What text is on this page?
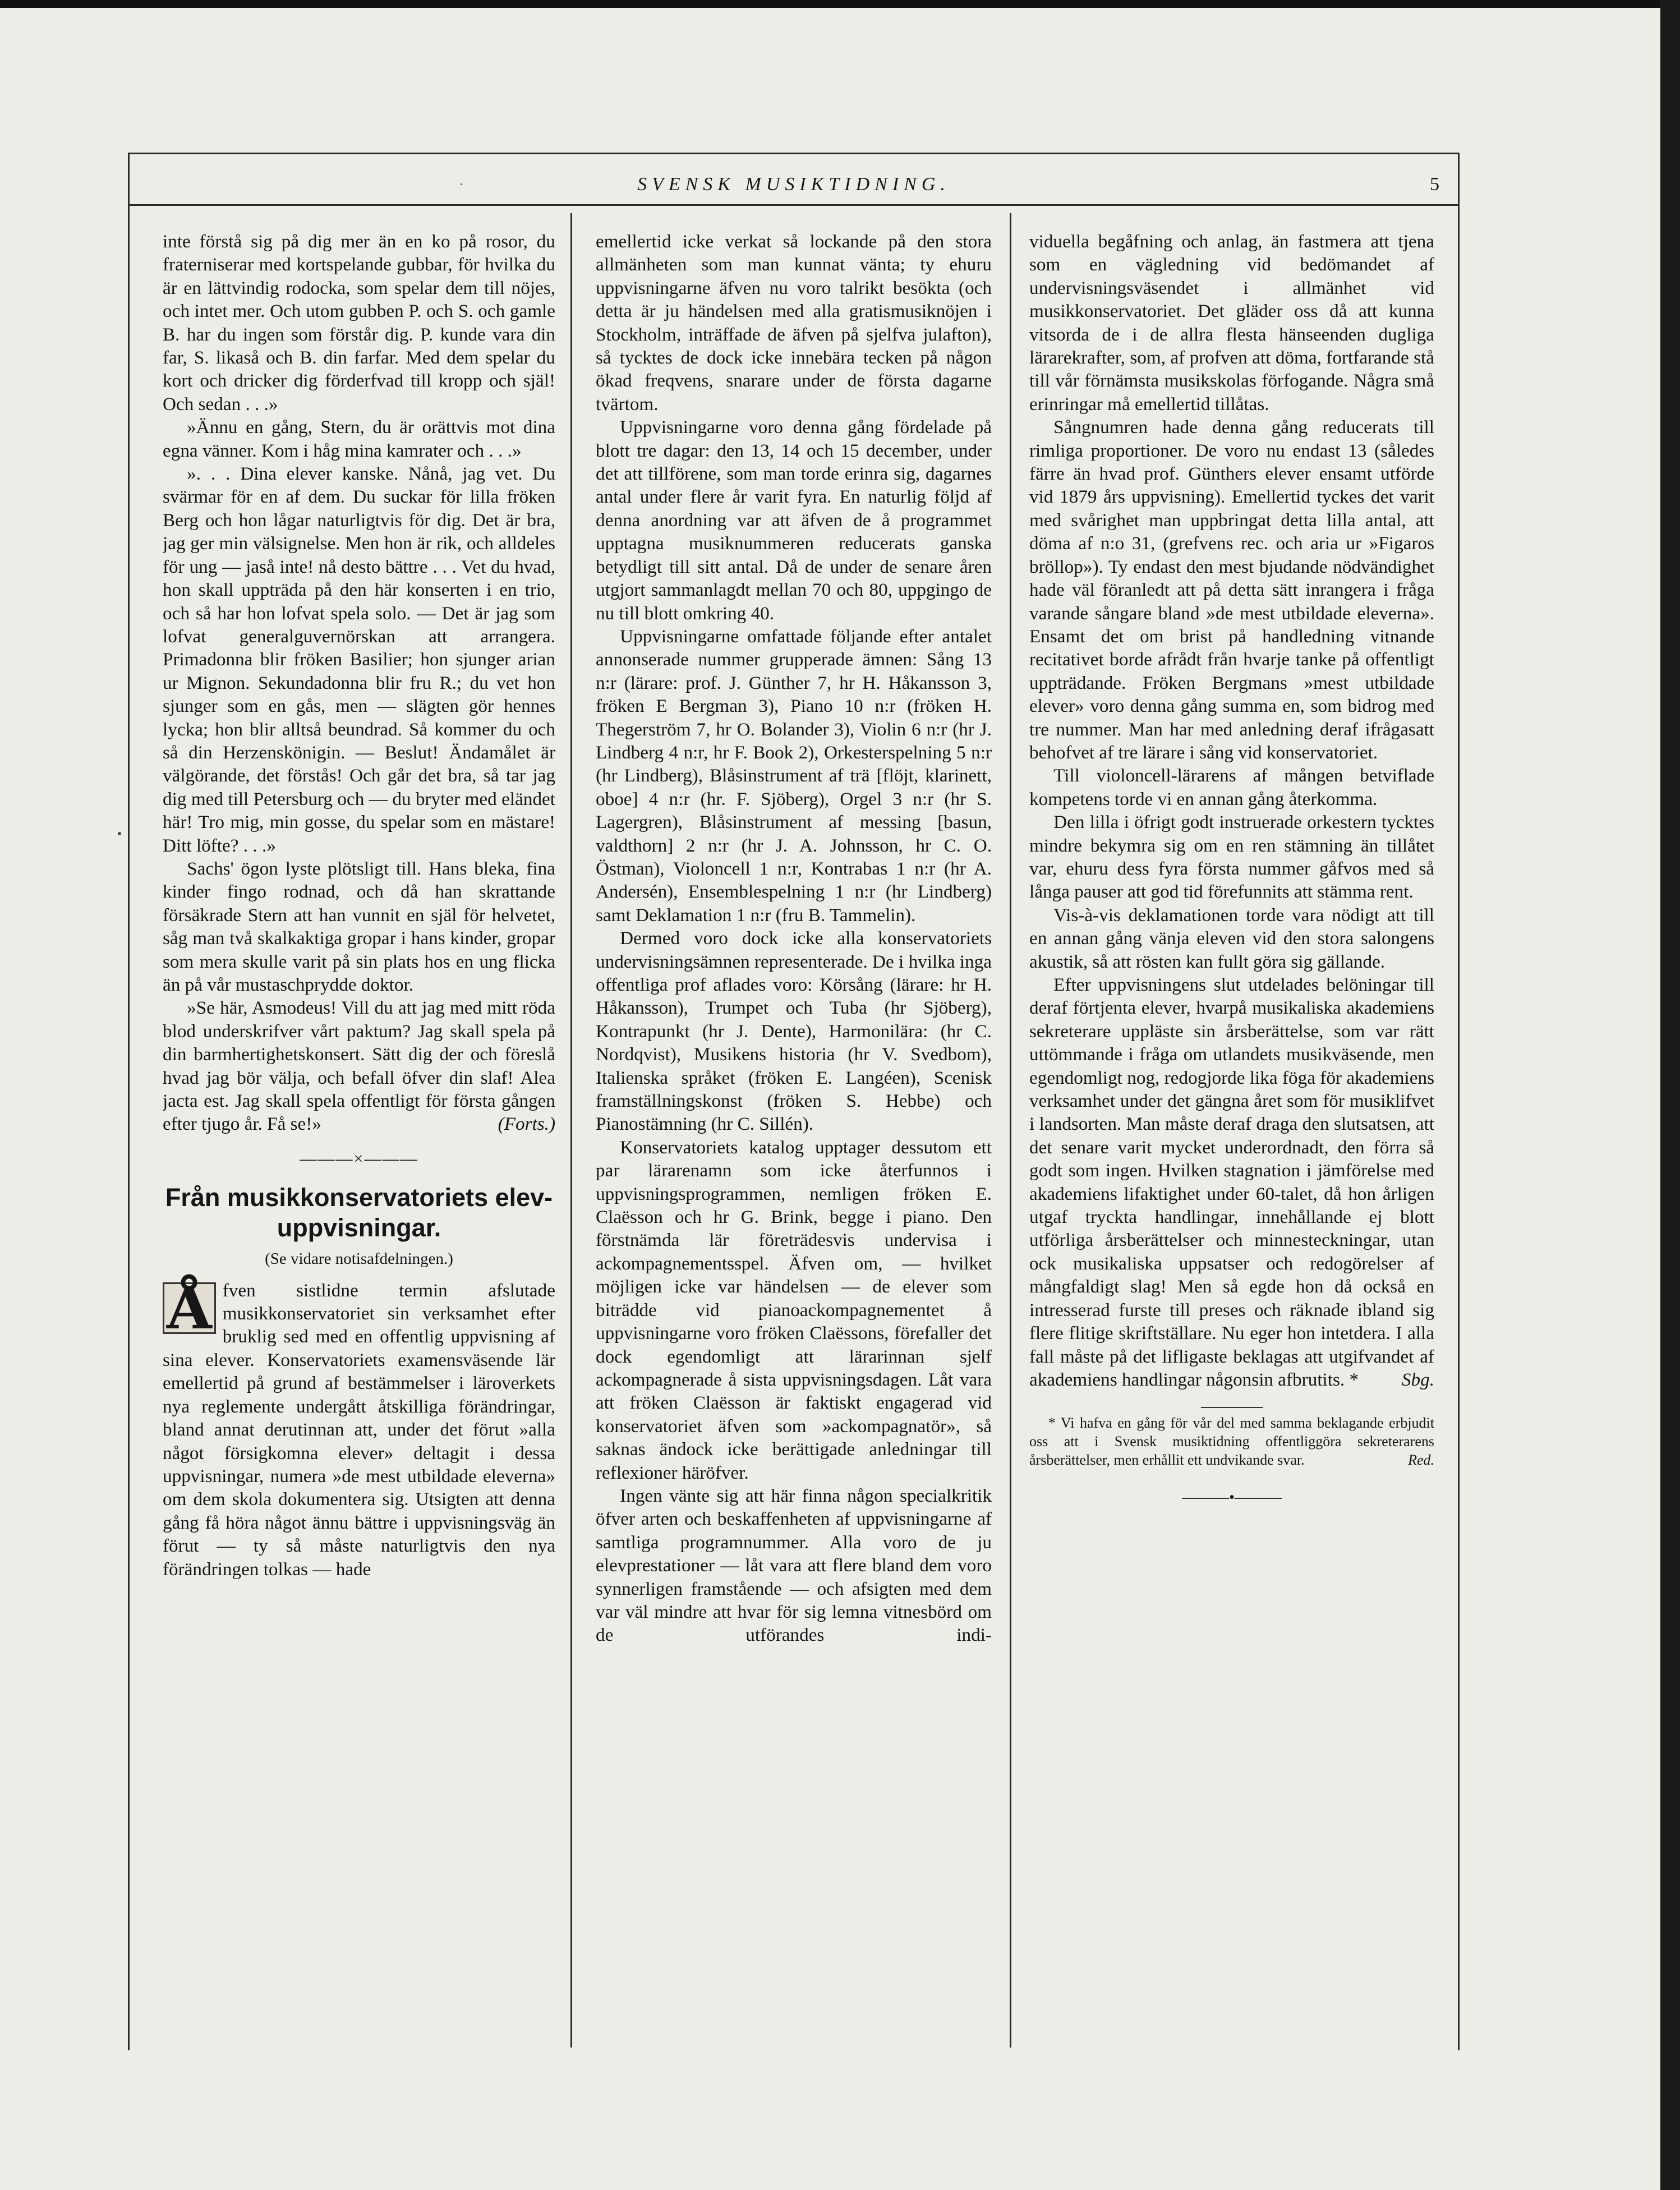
·	SVENSK MUSIKTIDNING.	5

inte förstå sig på dig mer än en ko på rosor, du fraterniserar med kortspelande gubbar, för hvilka du är en lättvindig rodocka, som spelar dem till nöjes, och intet mer. Och utom gubben P. och S. och gamle B. har du ingen som förstår dig. P. kunde vara din far, S. likaså och B. din farfar. Med dem spelar du kort och dricker dig förderfvad till kropp och själ! Och sedan . . .»

»Ännu en gång, Stern, du är orättvis mot dina egna vänner. Kom i håg mina kamrater och . . .»

». . . Dina elever kanske. Nånå, jag vet. Du svärmar för en af dem. Du suckar för lilla fröken Berg och hon lågar naturligtvis för dig. Det är bra, jag ger min välsignelse. Men hon är rik, och alldeles för ung — jaså inte! nå desto bättre . . . Vet du hvad, hon skall uppträda på den här konserten i en trio, och så har hon lofvat spela solo. — Det är jag som lofvat generalguvernörskan att arrangera. Primadonna blir fröken Basilier; hon sjunger arian ur Mignon. Sekundadonna blir fru R.; du vet hon sjunger som en gås, men — slägten gör hennes lycka; hon blir alltså beundrad. Så kommer du och så din Herzenskönigin. — Beslut! Ändamålet är välgörande, det förstås! Och går det bra, så tar jag dig med till Petersburg och — du bryter med eländet här! Tro mig, min gosse, du spelar som en mästare! Ditt löfte? . . .»

Sachs' ögon lyste plötsligt till. Hans bleka, fina kinder fingo rodnad, och då han skrattande försäkrade Stern att han vunnit en själ för helvetet, såg man två skalkaktiga gropar i hans kinder, gropar som mera skulle varit på sin plats hos en ung flicka än på vår mustaschprydde doktor.

»Se här, Asmodeus! Vill du att jag med mitt röda blod underskrifver vårt paktum? Jag skall spela på din barmhertighetskonsert. Sätt dig der och föreslå hvad jag bör välja, och befall öfver din slaf! Alea jacta est. Jag skall spela offentligt för första gången efter tjugo år. Få se!»	(Forts.)

———×———
Från musikkonservatoriets elev-uppvisningar.
(Se vidare notisafdelningen.)

Å fven sistlidne termin afslutade musikkonservatoriet sin verksamhet efter bruklig sed med en offentlig uppvisning af sina elever. Konservatoriets examensväsende lär emellertid på grund af bestämmelser i läroverkets nya reglemente undergått åtskilliga förändringar, bland annat derutinnan att, under det förut »alla något försigkomna elever» deltagit i dessa uppvisningar, numera »de mest utbildade eleverna» om dem skola dokumentera sig. Utsigten att denna gång få höra något ännu bättre i uppvisningsväg än förut — ty så måste naturligtvis den nya förändringen tolkas — hade

emellertid icke verkat så lockande på den stora allmänheten som man kunnat vänta; ty ehuru uppvisningarne äfven nu voro talrikt besökta (och detta är ju händelsen med alla gratismusiknöjen i Stockholm, inträffade de äfven på sjelfva julafton), så tycktes de dock icke innebära tecken på någon ökad freqvens, snarare under de första dagarne tvärtom.

Uppvisningarne voro denna gång fördelade på blott tre dagar: den 13, 14 och 15 december, under det att tillförene, som man torde erinra sig, dagarnes antal under flere år varit fyra. En naturlig följd af denna anordning var att äfven de å programmet upptagna musiknummeren reducerats ganska betydligt till sitt antal. Då de under de senare åren utgjort sammanlagdt mellan 70 och 80, uppgingo de nu till blott omkring 40.

Uppvisningarne omfattade följande efter antalet annonserade nummer grupperade ämnen: Sång 13 n:r (lärare: prof. J. Günther 7, hr H. Håkansson 3, fröken E Bergman 3), Piano 10 n:r (fröken H. Thegerström 7, hr O. Bolander 3), Violin 6 n:r (hr J. Lindberg 4 n:r, hr F. Book 2), Orkesterspelning 5 n:r (hr Lindberg), Blåsinstrument af trä [flöjt, klarinett, oboe] 4 n:r (hr. F. Sjöberg), Orgel 3 n:r (hr S. Lagergren), Blåsinstrument af messing [basun, valdthorn] 2 n:r (hr J. A. Johnsson, hr C. O. Östman), Violoncell 1 n:r, Kontrabas 1 n:r (hr A. Andersén), Ensemblespelning 1 n:r (hr Lindberg) samt Deklamation 1 n:r (fru B. Tammelin).

Dermed voro dock icke alla konservatoriets undervisningsämnen representerade. De i hvilka inga offentliga prof aflades voro: Körsång (lärare: hr H. Håkansson), Trumpet och Tuba (hr Sjöberg), Kontrapunkt (hr J. Dente), Harmonilära: (hr C. Nordqvist), Musikens historia (hr V. Svedbom), Italienska språket (fröken E. Langéen), Scenisk framställningskonst (fröken S. Hebbe) och Pianostämning (hr C. Sillén).

Konservatoriets katalog upptager dessutom ett par lärarenamn som icke återfunnos i uppvisningsprogrammen, nemligen fröken E. Claësson och hr G. Brink, begge i piano. Den förstnämda lär företrädesvis undervisa i ackompagnementsspel. Äfven om, — hvilket möjligen icke var händelsen — de elever som biträdde vid pianoackompagnementet å uppvisningarne voro fröken Claëssons, förefaller det dock egendomligt att lärarinnan sjelf ackompagnerade å sista uppvisningsdagen. Låt vara att fröken Claësson är faktiskt engagerad vid konservatoriet äfven som »ackompagnatör», så saknas ändock icke berättigade anledningar till reflexioner häröfver.

Ingen vänte sig att här finna någon specialkritik öfver arten och beskaffenheten af uppvisningarne af samtliga programnummer. Alla voro de ju elevprestationer — låt vara att flere bland dem voro synnerligen framstående — och afsigten med dem var väl mindre att hvar för sig lemna vitnesbörd om de utförandes indi-

viduella begåfning och anlag, än fastmera att tjena som en vägledning vid bedömandet af undervisningsväsendet i allmänhet vid musikkonservatoriet. Det gläder oss då att kunna vitsorda de i de allra flesta hänseenden dugliga lärarekrafter, som, af profven att döma, fortfarande stå till vår förnämsta musikskolas förfogande. Några små erinringar må emellertid tillåtas.

Sångnumren hade denna gång reducerats till rimliga proportioner. De voro nu endast 13 (således färre än hvad prof. Günthers elever ensamt utförde vid 1879 års uppvisning). Emellertid tyckes det varit med svårighet man uppbringat detta lilla antal, att döma af n:o 31, (grefvens rec. och aria ur »Figaros bröllop»). Ty endast den mest bjudande nödvändighet hade väl föranledt att på detta sätt inrangera i fråga varande sångare bland »de mest utbildade eleverna». Ensamt det om brist på handledning vitnande recitativet borde afrådt från hvarje tanke på offentligt uppträdande. Fröken Bergmans »mest utbildade elever» voro denna gång summa en, som bidrog med tre nummer. Man har med anledning deraf ifrågasatt behofvet af tre lärare i sång vid konservatoriet.

Till violoncell-lärarens af mången betviflade kompetens torde vi en annan gång återkomma.

Den lilla i öfrigt godt instruerade orkestern tycktes mindre bekymra sig om en ren stämning än tillåtet var, ehuru dess fyra första nummer gåfvos med så långa pauser att god tid förefunnits att stämma rent.

Vis-à-vis deklamationen torde vara nödigt att till en annan gång vänja eleven vid den stora salongens akustik, så att rösten kan fullt göra sig gällande.

Efter uppvisningens slut utdelades belöningar till deraf förtjenta elever, hvarpå musikaliska akademiens sekreterare uppläste sin årsberättelse, som var rätt uttömmande i fråga om utlandets musikväsende, men egendomligt nog, redogjorde lika föga för akademiens verksamhet under det gängna året som för musiklifvet i landsorten. Man måste deraf draga den slutsatsen, att det senare varit mycket underordnadt, den förra så godt som ingen. Hvilken stagnation i jämförelse med akademiens lifaktighet under 60-talet, då hon årligen utgaf tryckta handlingar, innehållande ej blott utförliga årsberättelser och minnesteckningar, utan ock musikaliska uppsatser och redogörelser af mångfaldigt slag! Men så egde hon då också en intresserad furste till preses och räknade ibland sig flere flitige skriftställare. Nu eger hon intetdera. I alla fall måste på det lifligaste beklagas att utgifvandet af akademiens handlingar någonsin afbrutits. *	Sbg.

* Vi hafva en gång för vår del med samma beklagande erbjudit oss att i Svensk musiktidning offentliggöra sekreterarens årsberättelser, men erhållit ett undvikande svar.	Red.

———•———
